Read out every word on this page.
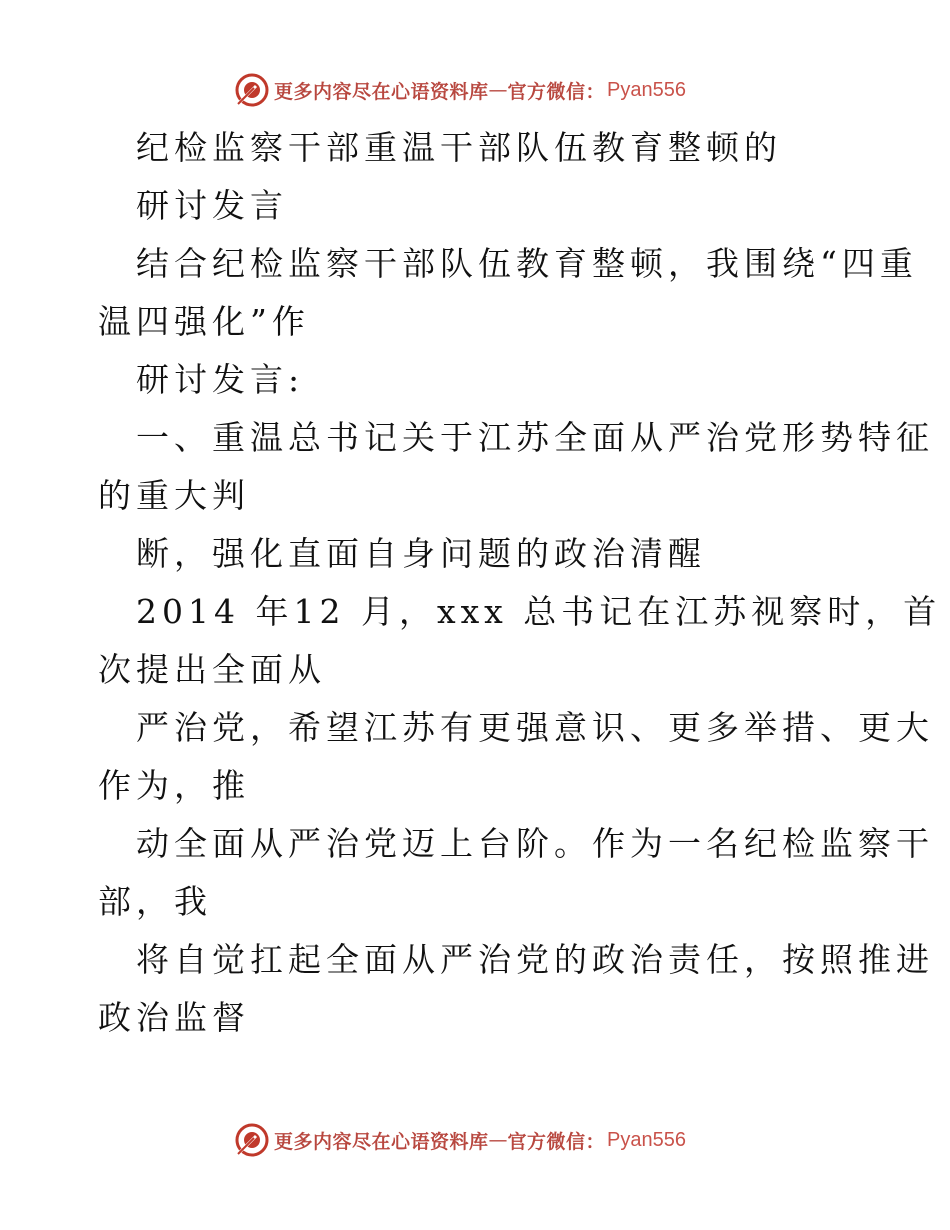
更多内容尽在心语资料库 — 官方微信： Pyan556
纪检监察干部重温干部队伍教育整顿的
研讨发言
结合纪检监察干部队伍教育整顿，我围绕“四重
温四强化”作
研讨发言:
一、重温总书记关于江苏全面从严治党形势特征
的重大判
断，强化直面自身问题的政治清醒
2014 年12 月，xxx 总书记在江苏视察时，首
次提出全面从
严治党，希望江苏有更强意识、更多举措、更大
作为，推
动全面从严治党迈上台阶。作为一名纪检监察干
部，我
将自觉扛起全面从严治党的政治责任，按照推进
政治监督
更多内容尽在心语资料库 — 官方微信： Pyan556
